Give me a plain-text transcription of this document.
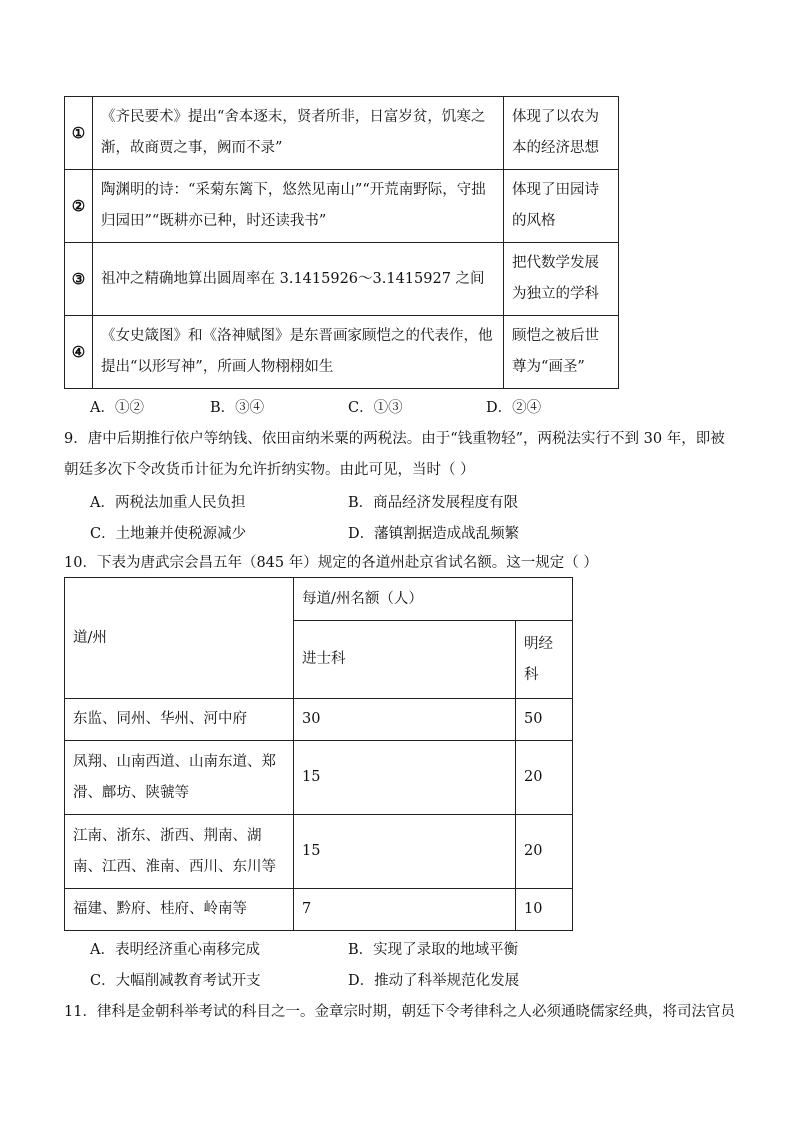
①	《齐民要术》提出“舍本逐末，贤者所非，日富岁贫，饥寒之渐，故商贾之事，阙而不录”	体现了以农为本的经济思想
②	陶渊明的诗：“采菊东篱下，悠然见南山”“开荒南野际，守拙归园田”“既耕亦已种，时还读我书”	体现了田园诗的风格
③	祖冲之精确地算出圆周率在 3.1415926～3.1415927 之间	把代数学发展为独立的学科
④	《女史箴图》和《洛神赋图》是东晋画家顾恺之的代表作，他提出“以形写神”，所画人物栩栩如生	顾恺之被后世尊为“画圣”
A．①②	B．③④	C．①③	D．②④
9．唐中后期推行依户等纳钱、依田亩纳米粟的两税法。由于“钱重物轻”，两税法实行不到 30 年，即被朝廷多次下令改货币计征为允许折纳实物。由此可见，当时（ ）
A．两税法加重人民负担	B．商品经济发展程度有限
C．土地兼并使税源减少	D．藩镇割据造成战乱频繁
10．下表为唐武宗会昌五年（845 年）规定的各道州赴京省试名额。这一规定（ ）
道/州	每道/州名额（人）	
	进士科	明经科
东监、同州、华州、河中府	30	50
凤翔、山南西道、山南东道、郑滑、鄜坊、陕虢等	15	20
江南、浙东、浙西、荆南、湖南、江西、淮南、西川、东川等	15	20
福建、黔府、桂府、岭南等	7	10
A．表明经济重心南移完成	B．实现了录取的地域平衡
C．大幅削减教育考试开支	D．推动了科举规范化发展
11．律科是金朝科举考试的科目之一。金章宗时期，朝廷下令考律科之人必须通晓儒家经典，将司法官员
